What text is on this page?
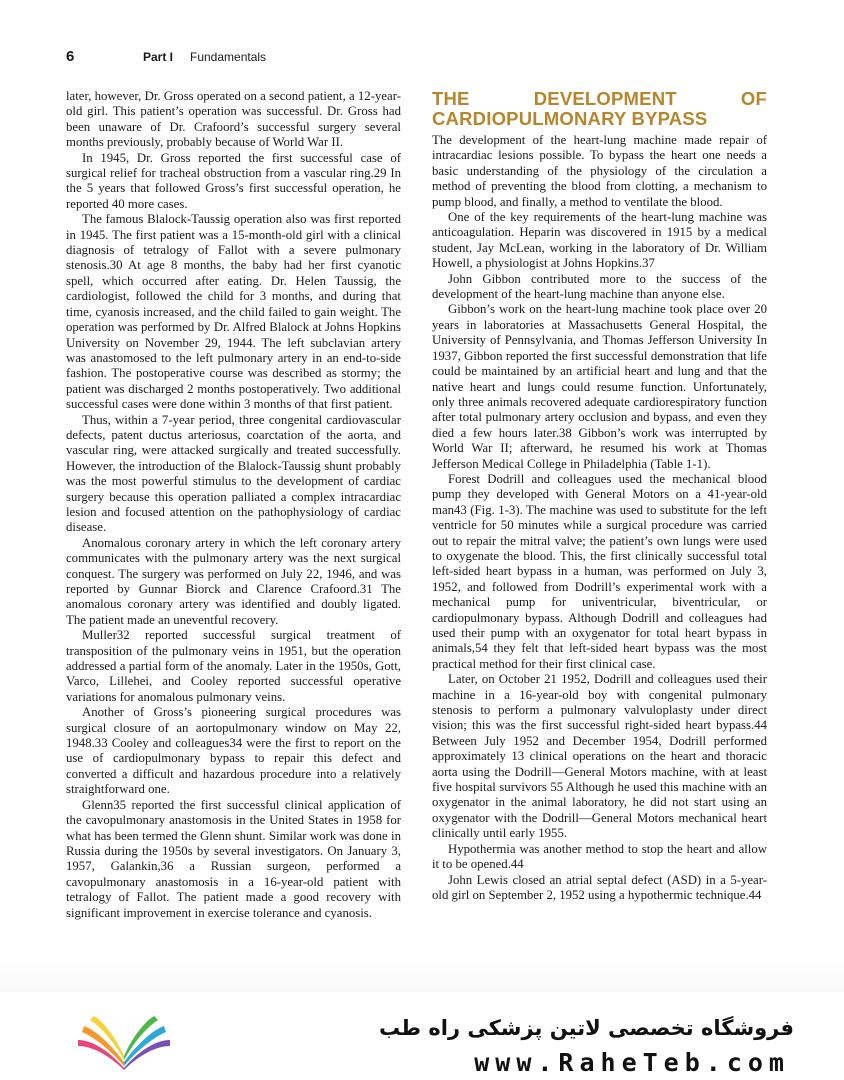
6	Part I Fundamentals

later, however, Dr. Gross operated on a second patient, a 12-year-old girl. This patient’s operation was successful. Dr. Gross had been unaware of Dr. Crafoord’s successful surgery several months previously, probably because of World War II.

In 1945, Dr. Gross reported the first successful case of surgical relief for tracheal obstruction from a vascular ring.29 In the 5 years that followed Gross’s first successful operation, he reported 40 more cases.

The famous Blalock-Taussig operation also was first reported in 1945. The first patient was a 15-month-old girl with a clinical diagnosis of tetralogy of Fallot with a severe pulmonary stenosis.30 At age 8 months, the baby had her first cyanotic spell, which occurred after eating. Dr. Helen Taussig, the cardiologist, followed the child for 3 months, and during that time, cyanosis increased, and the child failed to gain weight. The operation was performed by Dr. Alfred Blalock at Johns Hopkins University on November 29, 1944. The left subclavian artery was anastomosed to the left pulmonary artery in an end-to-side fashion. The postoperative course was described as stormy; the patient was discharged 2 months postoperatively. Two additional successful cases were done within 3 months of that first patient.

Thus, within a 7-year period, three congenital cardiovascular defects, patent ductus arteriosus, coarctation of the aorta, and vascular ring, were attacked surgically and treated successfully. However, the introduction of the Blalock-Taussig shunt probably was the most powerful stimulus to the development of cardiac surgery because this operation palliated a complex intracardiac lesion and focused attention on the pathophysiology of cardiac disease.

Anomalous coronary artery in which the left coronary artery communicates with the pulmonary artery was the next surgical conquest. The surgery was performed on July 22, 1946, and was reported by Gunnar Biorck and Clarence Crafoord.31 The anomalous coronary artery was identified and doubly ligated. The patient made an uneventful recovery.

Muller32 reported successful surgical treatment of transposition of the pulmonary veins in 1951, but the operation addressed a partial form of the anomaly. Later in the 1950s, Gott, Varco, Lillehei, and Cooley reported successful operative variations for anomalous pulmonary veins.

Another of Gross’s pioneering surgical procedures was surgical closure of an aortopulmonary window on May 22, 1948.33 Cooley and colleagues34 were the first to report on the use of cardiopulmonary bypass to repair this defect and converted a difficult and hazardous procedure into a relatively straightforward one.

Glenn35 reported the first successful clinical application of the cavopulmonary anastomosis in the United States in 1958 for what has been termed the Glenn shunt. Similar work was done in Russia during the 1950s by several investigators. On January 3, 1957, Galankin,36 a Russian surgeon, performed a cavopulmonary anastomosis in a 16-year-old patient with tetralogy of Fallot. The patient made a good recovery with significant improvement in exercise tolerance and cyanosis.

THE DEVELOPMENT OF CARDIOPULMONARY BYPASS

The development of the heart-lung machine made repair of intracardiac lesions possible. To bypass the heart one needs a basic understanding of the physiology of the circulation a method of preventing the blood from clotting, a mechanism to pump blood, and finally, a method to ventilate the blood.

One of the key requirements of the heart-lung machine was anticoagulation. Heparin was discovered in 1915 by a medical student, Jay McLean, working in the laboratory of Dr. William Howell, a physiologist at Johns Hopkins.37

John Gibbon contributed more to the success of the development of the heart-lung machine than anyone else.

Gibbon’s work on the heart-lung machine took place over 20 years in laboratories at Massachusetts General Hospital, the University of Pennsylvania, and Thomas Jefferson University In 1937, Gibbon reported the first successful demonstration that life could be maintained by an artificial heart and lung and that the native heart and lungs could resume function. Unfortunately, only three animals recovered adequate cardiorespiratory function after total pulmonary artery occlusion and bypass, and even they died a few hours later.38 Gibbon’s work was interrupted by World War II; afterward, he resumed his work at Thomas Jefferson Medical College in Philadelphia (Table 1-1).

Forest Dodrill and colleagues used the mechanical blood pump they developed with General Motors on a 41-year-old man43 (Fig. 1-3). The machine was used to substitute for the left ventricle for 50 minutes while a surgical procedure was carried out to repair the mitral valve; the patient’s own lungs were used to oxygenate the blood. This, the first clinically successful total left-sided heart bypass in a human, was performed on July 3, 1952, and followed from Dodrill’s experimental work with a mechanical pump for univentricular, biventricular, or cardiopulmonary bypass. Although Dodrill and colleagues had used their pump with an oxygenator for total heart bypass in animals,54 they felt that left-sided heart bypass was the most practical method for their first clinical case.

Later, on October 21 1952, Dodrill and colleagues used their machine in a 16-year-old boy with congenital pulmonary stenosis to perform a pulmonary valvuloplasty under direct vision; this was the first successful right-sided heart bypass.44 Between July 1952 and December 1954, Dodrill performed approximately 13 clinical operations on the heart and thoracic aorta using the Dodrill—General Motors machine, with at least five hospital survivors 55 Although he used this machine with an oxygenator in the animal laboratory, he did not start using an oxygenator with the Dodrill—General Motors mechanical heart clinically until early 1955.

Hypothermia was another method to stop the heart and allow it to be opened.44

John Lewis closed an atrial septal defect (ASD) in a 5-year-old girl on September 2, 1952 using a hypothermic technique.44

فروشگاه تخصصی لاتین پزشکی راه طب
www.RaheTeb.com
